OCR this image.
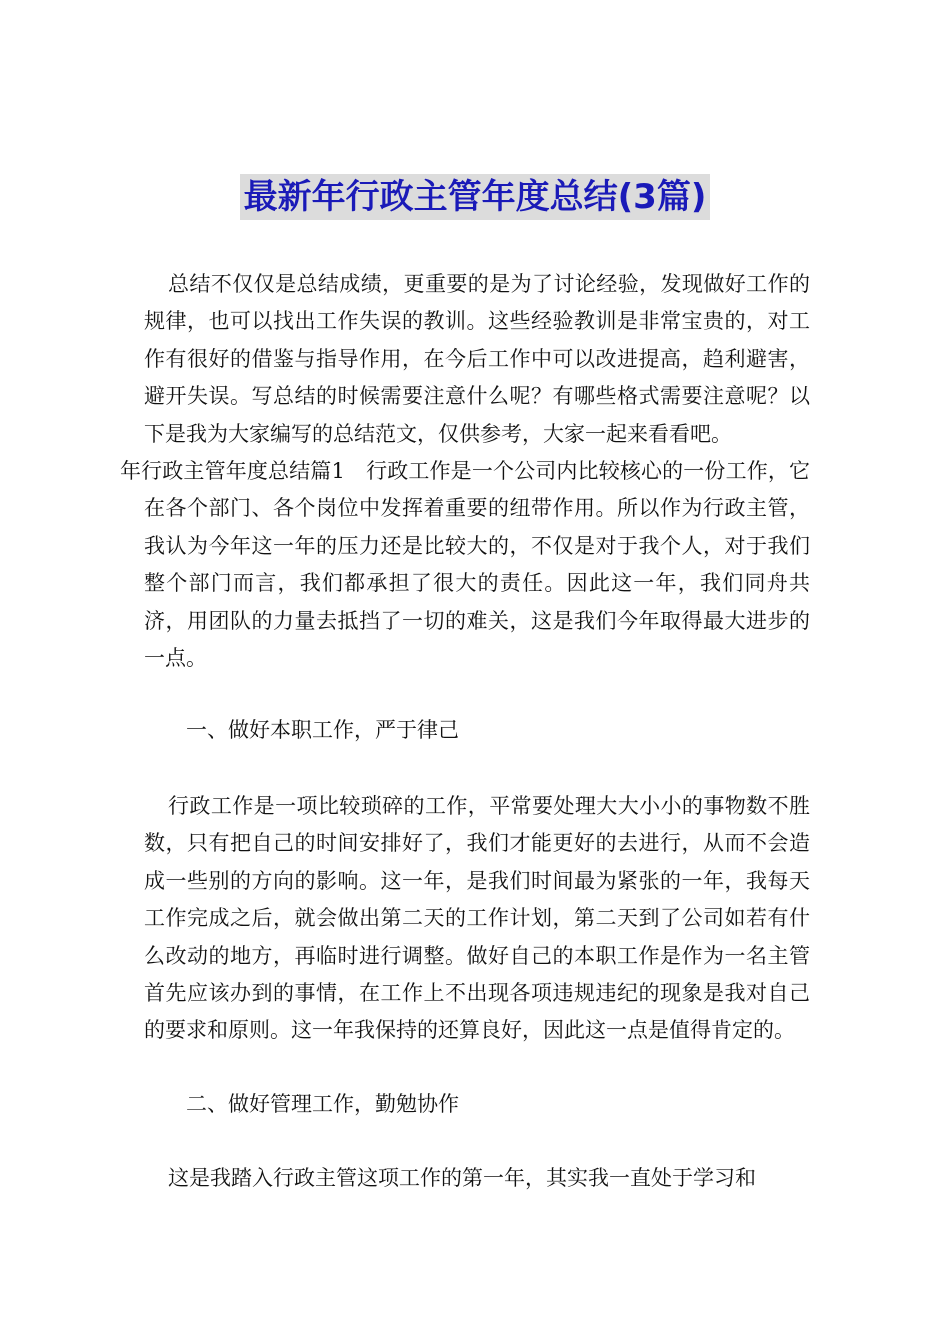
最新年行政主管年度总结(3篇)
总结不仅仅是总结成绩，更重要的是为了讨论经验，发现做好工作的规律，也可以找出工作失误的教训。这些经验教训是非常宝贵的，对工作有很好的借鉴与指导作用，在今后工作中可以改进提高，趋利避害，避开失误。写总结的时候需要注意什么呢？有哪些格式需要注意呢？以下是我为大家编写的总结范文，仅供参考，大家一起来看看吧。

年行政主管年度总结篇1　行政工作是一个公司内比较核心的一份工作，它在各个部门、各个岗位中发挥着重要的纽带作用。所以作为行政主管，我认为今年这一年的压力还是比较大的，不仅是对于我个人，对于我们整个部门而言，我们都承担了很大的责任。因此这一年，我们同舟共济，用团队的力量去抵挡了一切的难关，这是我们今年取得最大进步的一点。

一、做好本职工作，严于律己

行政工作是一项比较琐碎的工作，平常要处理大大小小的事物数不胜数，只有把自己的时间安排好了，我们才能更好的去进行，从而不会造成一些别的方向的影响。这一年，是我们时间最为紧张的一年，我每天工作完成之后，就会做出第二天的工作计划，第二天到了公司如若有什么改动的地方，再临时进行调整。做好自己的本职工作是作为一名主管首先应该办到的事情，在工作上不出现各项违规违纪的现象是我对自己的要求和原则。这一年我保持的还算良好，因此这一点是值得肯定的。

二、做好管理工作，勤勉协作

这是我踏入行政主管这项工作的第一年，其实我一直处于学习和
